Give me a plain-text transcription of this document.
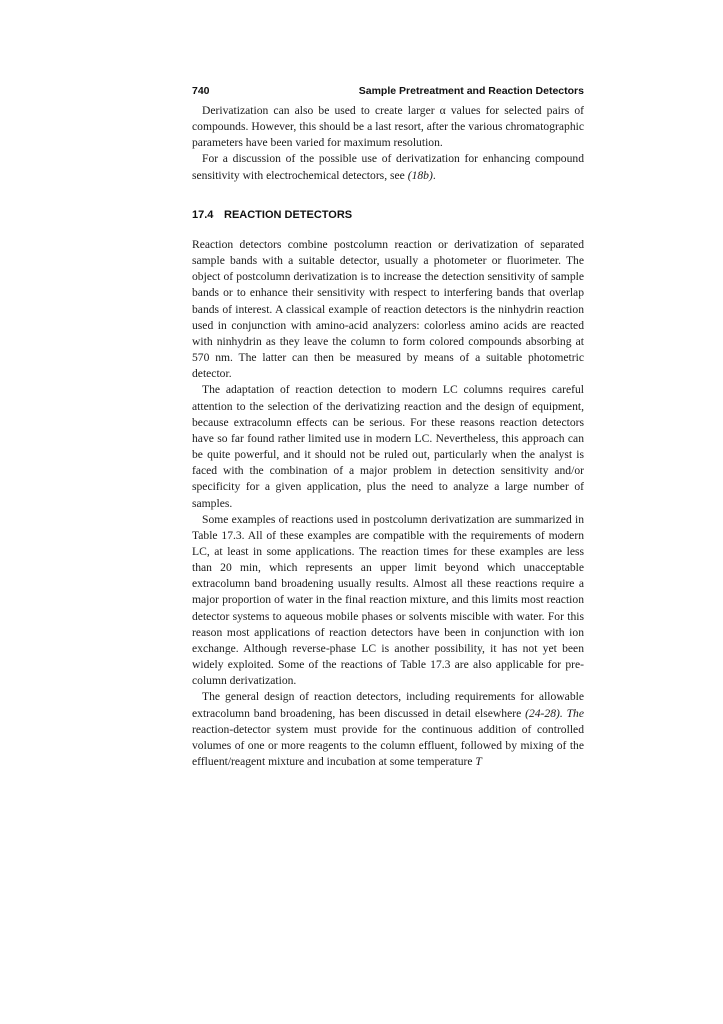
740	Sample Pretreatment and Reaction Detectors

Derivatization can also be used to create larger α values for selected pairs of compounds. However, this should be a last resort, after the various chromatographic parameters have been varied for maximum resolution.

For a discussion of the possible use of derivatization for enhancing compound sensitivity with electrochemical detectors, see (18b).

17.4 REACTION DETECTORS

Reaction detectors combine postcolumn reaction or derivatization of separated sample bands with a suitable detector, usually a photometer or fluorimeter. The object of postcolumn derivatization is to increase the detection sensitivity of sample bands or to enhance their sensitivity with respect to interfering bands that overlap bands of interest. A classical example of reaction detectors is the ninhydrin reaction used in conjunction with amino-acid analyzers: colorless amino acids are reacted with ninhydrin as they leave the column to form colored compounds absorbing at 570 nm. The latter can then be measured by means of a suitable photometric detector.

The adaptation of reaction detection to modern LC columns requires careful attention to the selection of the derivatizing reaction and the design of equipment, because extracolumn effects can be serious. For these reasons reaction detectors have so far found rather limited use in modern LC. Nevertheless, this approach can be quite powerful, and it should not be ruled out, particularly when the analyst is faced with the combination of a major problem in detection sensitivity and/or specificity for a given application, plus the need to analyze a large number of samples.

Some examples of reactions used in postcolumn derivatization are summarized in Table 17.3. All of these examples are compatible with the requirements of modern LC, at least in some applications. The reaction times for these examples are less than 20 min, which represents an upper limit beyond which unacceptable extracolumn band broadening usually results. Almost all these reactions require a major proportion of water in the final reaction mixture, and this limits most reaction detector systems to aqueous mobile phases or solvents miscible with water. For this reason most applications of reaction detectors have been in conjunction with ion exchange. Although reverse-phase LC is another possibility, it has not yet been widely exploited. Some of the reactions of Table 17.3 are also applicable for pre-column derivatization.

The general design of reaction detectors, including requirements for allowable extracolumn band broadening, has been discussed in detail elsewhere (24-28). The reaction-detector system must provide for the continuous addition of controlled volumes of one or more reagents to the column effluent, followed by mixing of the effluent/reagent mixture and incubation at some temperature T
